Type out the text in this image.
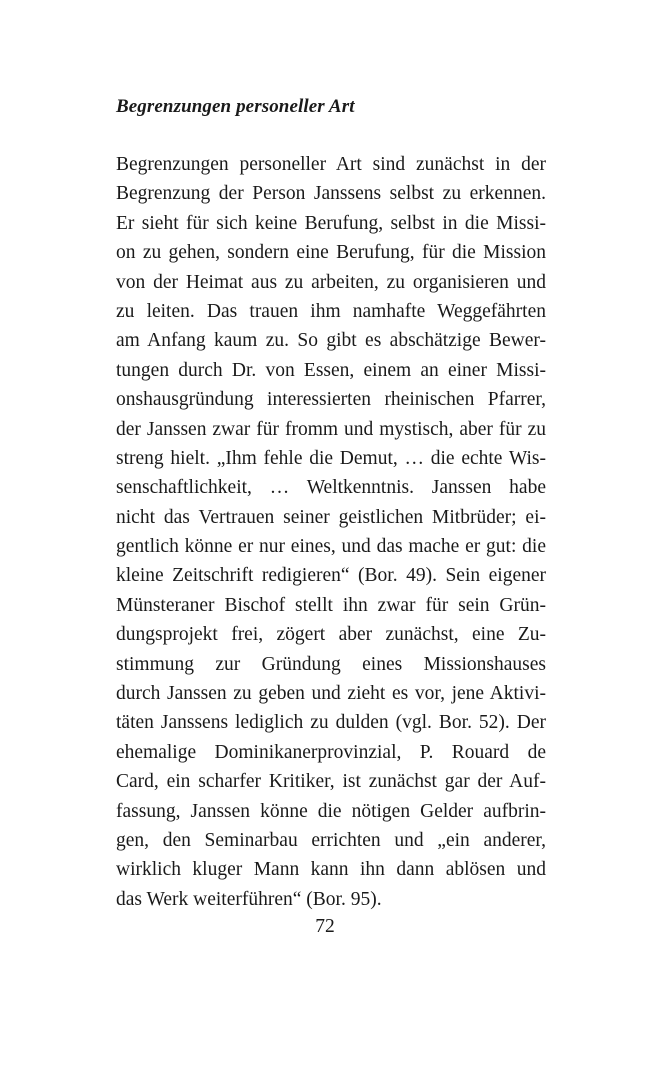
Begrenzungen personeller Art
Begrenzungen personeller Art sind zunächst in der
Begrenzung der Person Janssens selbst zu erkennen.
Er sieht für sich keine Berufung, selbst in die Missi-
on zu gehen, sondern eine Berufung, für die Mission
von der Heimat aus zu arbeiten, zu organisieren und
zu leiten. Das trauen ihm namhafte Weggefährten
am Anfang kaum zu. So gibt es abschätzige Bewer-
tungen durch Dr. von Essen, einem an einer Missi-
onshausgründung interessierten rheinischen Pfarrer,
der Janssen zwar für fromm und mystisch, aber für zu
streng hielt. „Ihm fehle die Demut, … die echte Wis-
senschaftlichkeit, … Weltkenntnis. Janssen habe
nicht das Vertrauen seiner geistlichen Mitbrüder; ei-
gentlich könne er nur eines, und das mache er gut: die
kleine Zeitschrift redigieren“ (Bor. 49). Sein eigener
Münsteraner Bischof stellt ihn zwar für sein Grün-
dungsprojekt frei, zögert aber zunächst, eine Zu-
stimmung zur Gründung eines Missionshauses
durch Janssen zu geben und zieht es vor, jene Aktivi-
täten Janssens lediglich zu dulden (vgl. Bor. 52). Der
ehemalige Dominikanerprovinzial, P. Rouard de
Card, ein scharfer Kritiker, ist zunächst gar der Auf-
fassung, Janssen könne die nötigen Gelder aufbrin-
gen, den Seminarbau errichten und „ein anderer,
wirklich kluger Mann kann ihn dann ablösen und
das Werk weiterführen“ (Bor. 95).
72
